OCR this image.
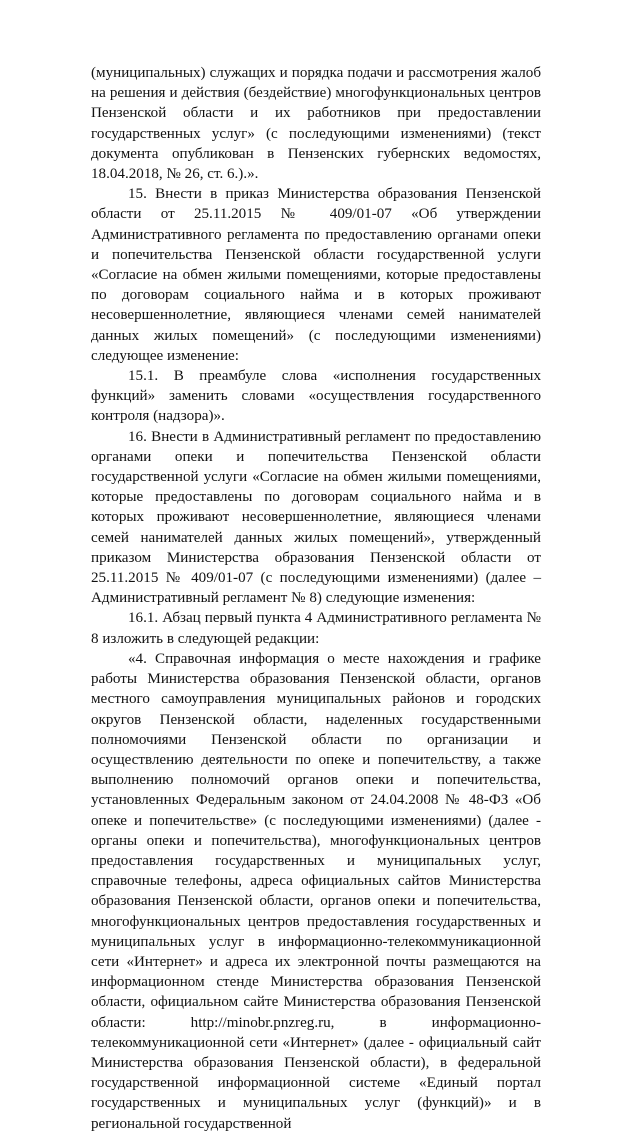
(муниципальных) служащих и порядка подачи и рассмотрения жалоб на решения и действия (бездействие) многофункциональных центров Пензенской области и их работников при предоставлении государственных услуг» (с последующими изменениями) (текст документа опубликован в Пензенских губернских ведомостях, 18.04.2018, № 26, ст. 6.).».

15. Внести в приказ Министерства образования Пензенской области от 25.11.2015 № 409/01-07 «Об утверждении Административного регламента по предоставлению органами опеки и попечительства Пензенской области государственной услуги «Согласие на обмен жилыми помещениями, которые предоставлены по договорам социального найма и в которых проживают несовершеннолетние, являющиеся членами семей нанимателей данных жилых помещений» (с последующими изменениями) следующее изменение:

15.1. В преамбуле слова «исполнения государственных функций» заменить словами «осуществления государственного контроля (надзора)».

16. Внести в Административный регламент по предоставлению органами опеки и попечительства Пензенской области государственной услуги «Согласие на обмен жилыми помещениями, которые предоставлены по договорам социального найма и в которых проживают несовершеннолетние, являющиеся членами семей нанимателей данных жилых помещений», утвержденный приказом Министерства образования Пензенской области от 25.11.2015 № 409/01-07 (с последующими изменениями) (далее – Административный регламент № 8) следующие изменения:

16.1. Абзац первый пункта 4 Административного регламента № 8 изложить в следующей редакции:

«4. Справочная информация о месте нахождения и графике работы Министерства образования Пензенской области, органов местного самоуправления муниципальных районов и городских округов Пензенской области, наделенных государственными полномочиями Пензенской области по организации и осуществлению деятельности по опеке и попечительству, а также выполнению полномочий органов опеки и попечительства, установленных Федеральным законом от 24.04.2008 № 48-ФЗ «Об опеке и попечительстве» (с последующими изменениями) (далее - органы опеки и попечительства), многофункциональных центров предоставления государственных и муниципальных услуг, справочные телефоны, адреса официальных сайтов Министерства образования Пензенской области, органов опеки и попечительства, многофункциональных центров предоставления государственных и муниципальных услуг в информационно-телекоммуникационной сети «Интернет» и адреса их электронной почты размещаются на информационном стенде Министерства образования Пензенской области, официальном сайте Министерства образования Пензенской области: http://minobr.pnzreg.ru, в информационно-телекоммуникационной сети «Интернет» (далее - официальный сайт Министерства образования Пензенской области), в федеральной государственной информационной системе «Единый портал государственных и муниципальных услуг (функций)» и в региональной государственной
